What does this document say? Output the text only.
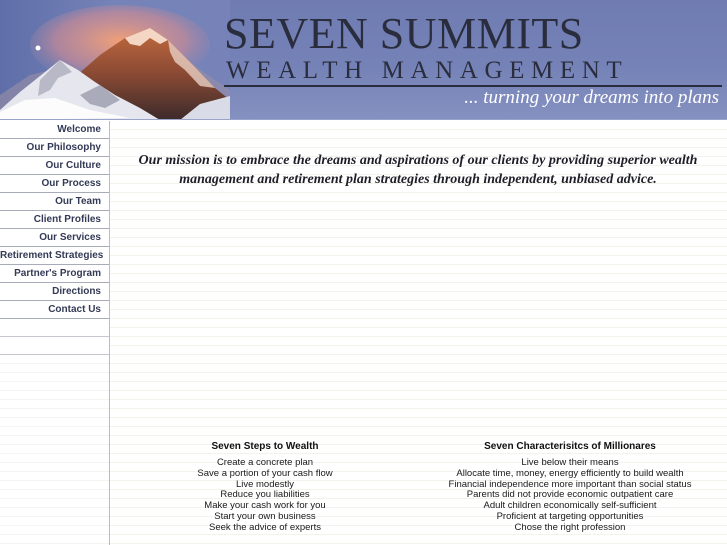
SEVEN SUMMITS
WEALTH MANAGEMENT
... turning your dreams into plans
Welcome
Our Philosophy
Our Culture
Our Process
Our Team
Client Profiles
Our Services
Retirement Strategies
Partner's Program
Directions
Contact Us

Our mission is to embrace the dreams and aspirations of our clients by providing superior wealth management and retirement plan strategies through independent, unbiased advice.

Seven Steps to Wealth
Create a concrete plan
Save a portion of your cash flow
Live modestly
Reduce you liabilities
Make your cash work for you
Start your own business
Seek the advice of experts
Seven Characterisitcs of Millionares
Live below their means
Allocate time, money, energy efficiently to build wealth
Financial independence more important than social status
Parents did not provide economic outpatient care
Adult children economically self-sufficient
Proficient at targeting opportunities
Chose the right profession
